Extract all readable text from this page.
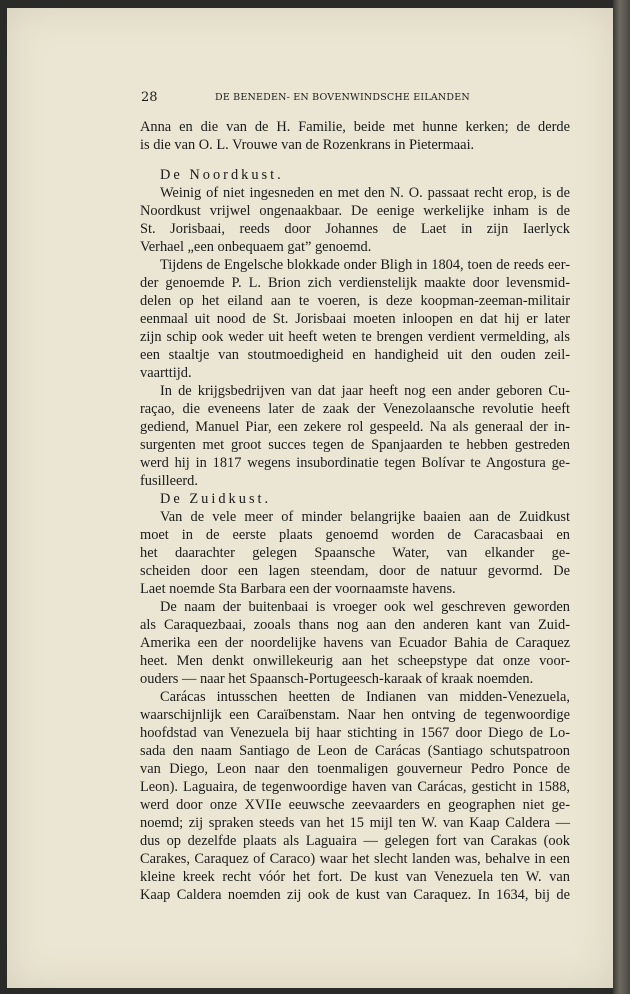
28	DE BENEDEN- EN BOVENWINDSCHE EILANDEN
Anna en die van de H. Familie, beide met hunne kerken; de derde
is die van O. L. Vrouwe van de Rozenkrans in Pietermaai.
De Noordkust.
Weinig of niet ingesneden en met den N. O. passaat recht erop, is de
Noordkust vrijwel ongenaakbaar. De eenige werkelijke inham is de
St. Jorisbaai, reeds door Johannes de Laet in zijn Iaerlyck
Verhael „een onbequaem gat” genoemd.
Tijdens de Engelsche blokkade onder Bligh in 1804, toen de reeds eer-
der genoemde P. L. Brion zich verdienstelijk maakte door levensmid-
delen op het eiland aan te voeren, is deze koopman-zeeman-militair
eenmaal uit nood de St. Jorisbaai moeten inloopen en dat hij er later
zijn schip ook weder uit heeft weten te brengen verdient vermelding, als
een staaltje van stoutmoedigheid en handigheid uit den ouden zeil-
vaarttijd.
In de krijgsbedrijven van dat jaar heeft nog een ander geboren Cu-
raçao, die eveneens later de zaak der Venezolaansche revolutie heeft
gediend, Manuel Piar, een zekere rol gespeeld. Na als generaal der in-
surgenten met groot succes tegen de Spanjaarden te hebben gestreden
werd hij in 1817 wegens insubordinatie tegen Bolívar te Angostura ge-
fusilleerd.
De Zuidkust.
Van de vele meer of minder belangrijke baaien aan de Zuidkust
moet in de eerste plaats genoemd worden de Caracasbaai en
het daarachter gelegen Spaansche Water, van elkander ge-
scheiden door een lagen steendam, door de natuur gevormd. De
Laet noemde Sta Barbara een der voornaamste havens.
De naam der buitenbaai is vroeger ook wel geschreven geworden
als Caraquezbaai, zooals thans nog aan den anderen kant van Zuid-
Amerika een der noordelijke havens van Ecuador Bahia de Caraquez
heet. Men denkt onwillekeurig aan het scheepstype dat onze voor-
ouders — naar het Spaansch-Portugeesch-karaak of kraak noemden.
Carácas intusschen heetten de Indianen van midden-Venezuela,
waarschijnlijk een Caraïbenstam. Naar hen ontving de tegenwoordige
hoofdstad van Venezuela bij haar stichting in 1567 door Diego de Lo-
sada den naam Santiago de Leon de Carácas (Santiago schutspatroon
van Diego, Leon naar den toenmaligen gouverneur Pedro Ponce de
Leon). Laguaira, de tegenwoordige haven van Carácas, gesticht in 1588,
werd door onze XVIIe eeuwsche zeevaarders en geographen niet ge-
noemd; zij spraken steeds van het 15 mijl ten W. van Kaap Caldera —
dus op dezelfde plaats als Laguaira — gelegen fort van Carakas (ook
Carakes, Caraquez of Caraco) waar het slecht landen was, behalve in een
kleine kreek recht vóór het fort. De kust van Venezuela ten W. van
Kaap Caldera noemden zij ook de kust van Caraquez. In 1634, bij de
